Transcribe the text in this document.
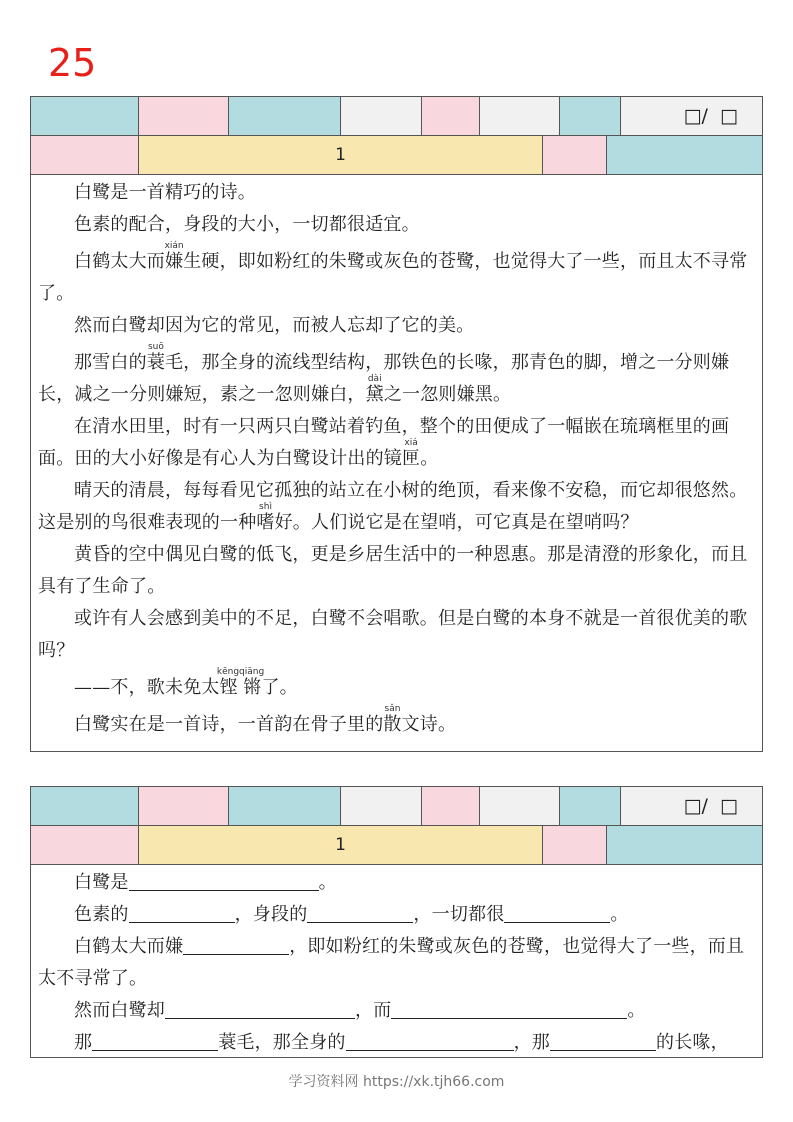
25
□/  □
1

白鹭是一首精巧的诗。

色素的配合，身段的大小，一切都很适宜。

白鹤太大而嫌xián生硬，即如粉红的朱鹭或灰色的苍鹭，也觉得大了一些，而且太不寻常了。

然而白鹭却因为它的常见，而被人忘却了它的美。

那雪白的蓑suō毛，那全身的流线型结构，那铁色的长喙，那青色的脚，增之一分则嫌长，减之一分则嫌短，素之一忽则嫌白，黛dài之一忽则嫌黑。

在清水田里，时有一只两只白鹭站着钓鱼，整个的田便成了一幅嵌在琉璃框里的画面。田的大小好像是有心人为白鹭设计出的镜匣xiá。

晴天的清晨，每每看见它孤独的站立在小树的绝顶，看来像不安稳，而它却很悠然。这是别的鸟很难表现的一种嗜shì好。人们说它是在望哨，可它真是在望哨吗？

黄昏的空中偶见白鹭的低飞，更是乡居生活中的一种恩惠。那是清澄的形象化，而且具有了生命了。

或许有人会感到美中的不足，白鹭不会唱歌。但是白鹭的本身不就是一首很优美的歌吗？

——不，歌未免太铿锵kēngqiāng了。

白鹭实在是一首诗，一首韵在骨子里的散sǎn文诗。

□/  □
1

白鹭是	。

色素的	，身段的	，一切都很	。

白鹤太大而嫌	，即如粉红的朱鹭或灰色的苍鹭，也觉得大了一些，而且太不寻常了。

然而白鹭却	，而	。

那	蓑毛，那全身的	，那	的长喙，

学习资料网 https://xk.tjh66.com
